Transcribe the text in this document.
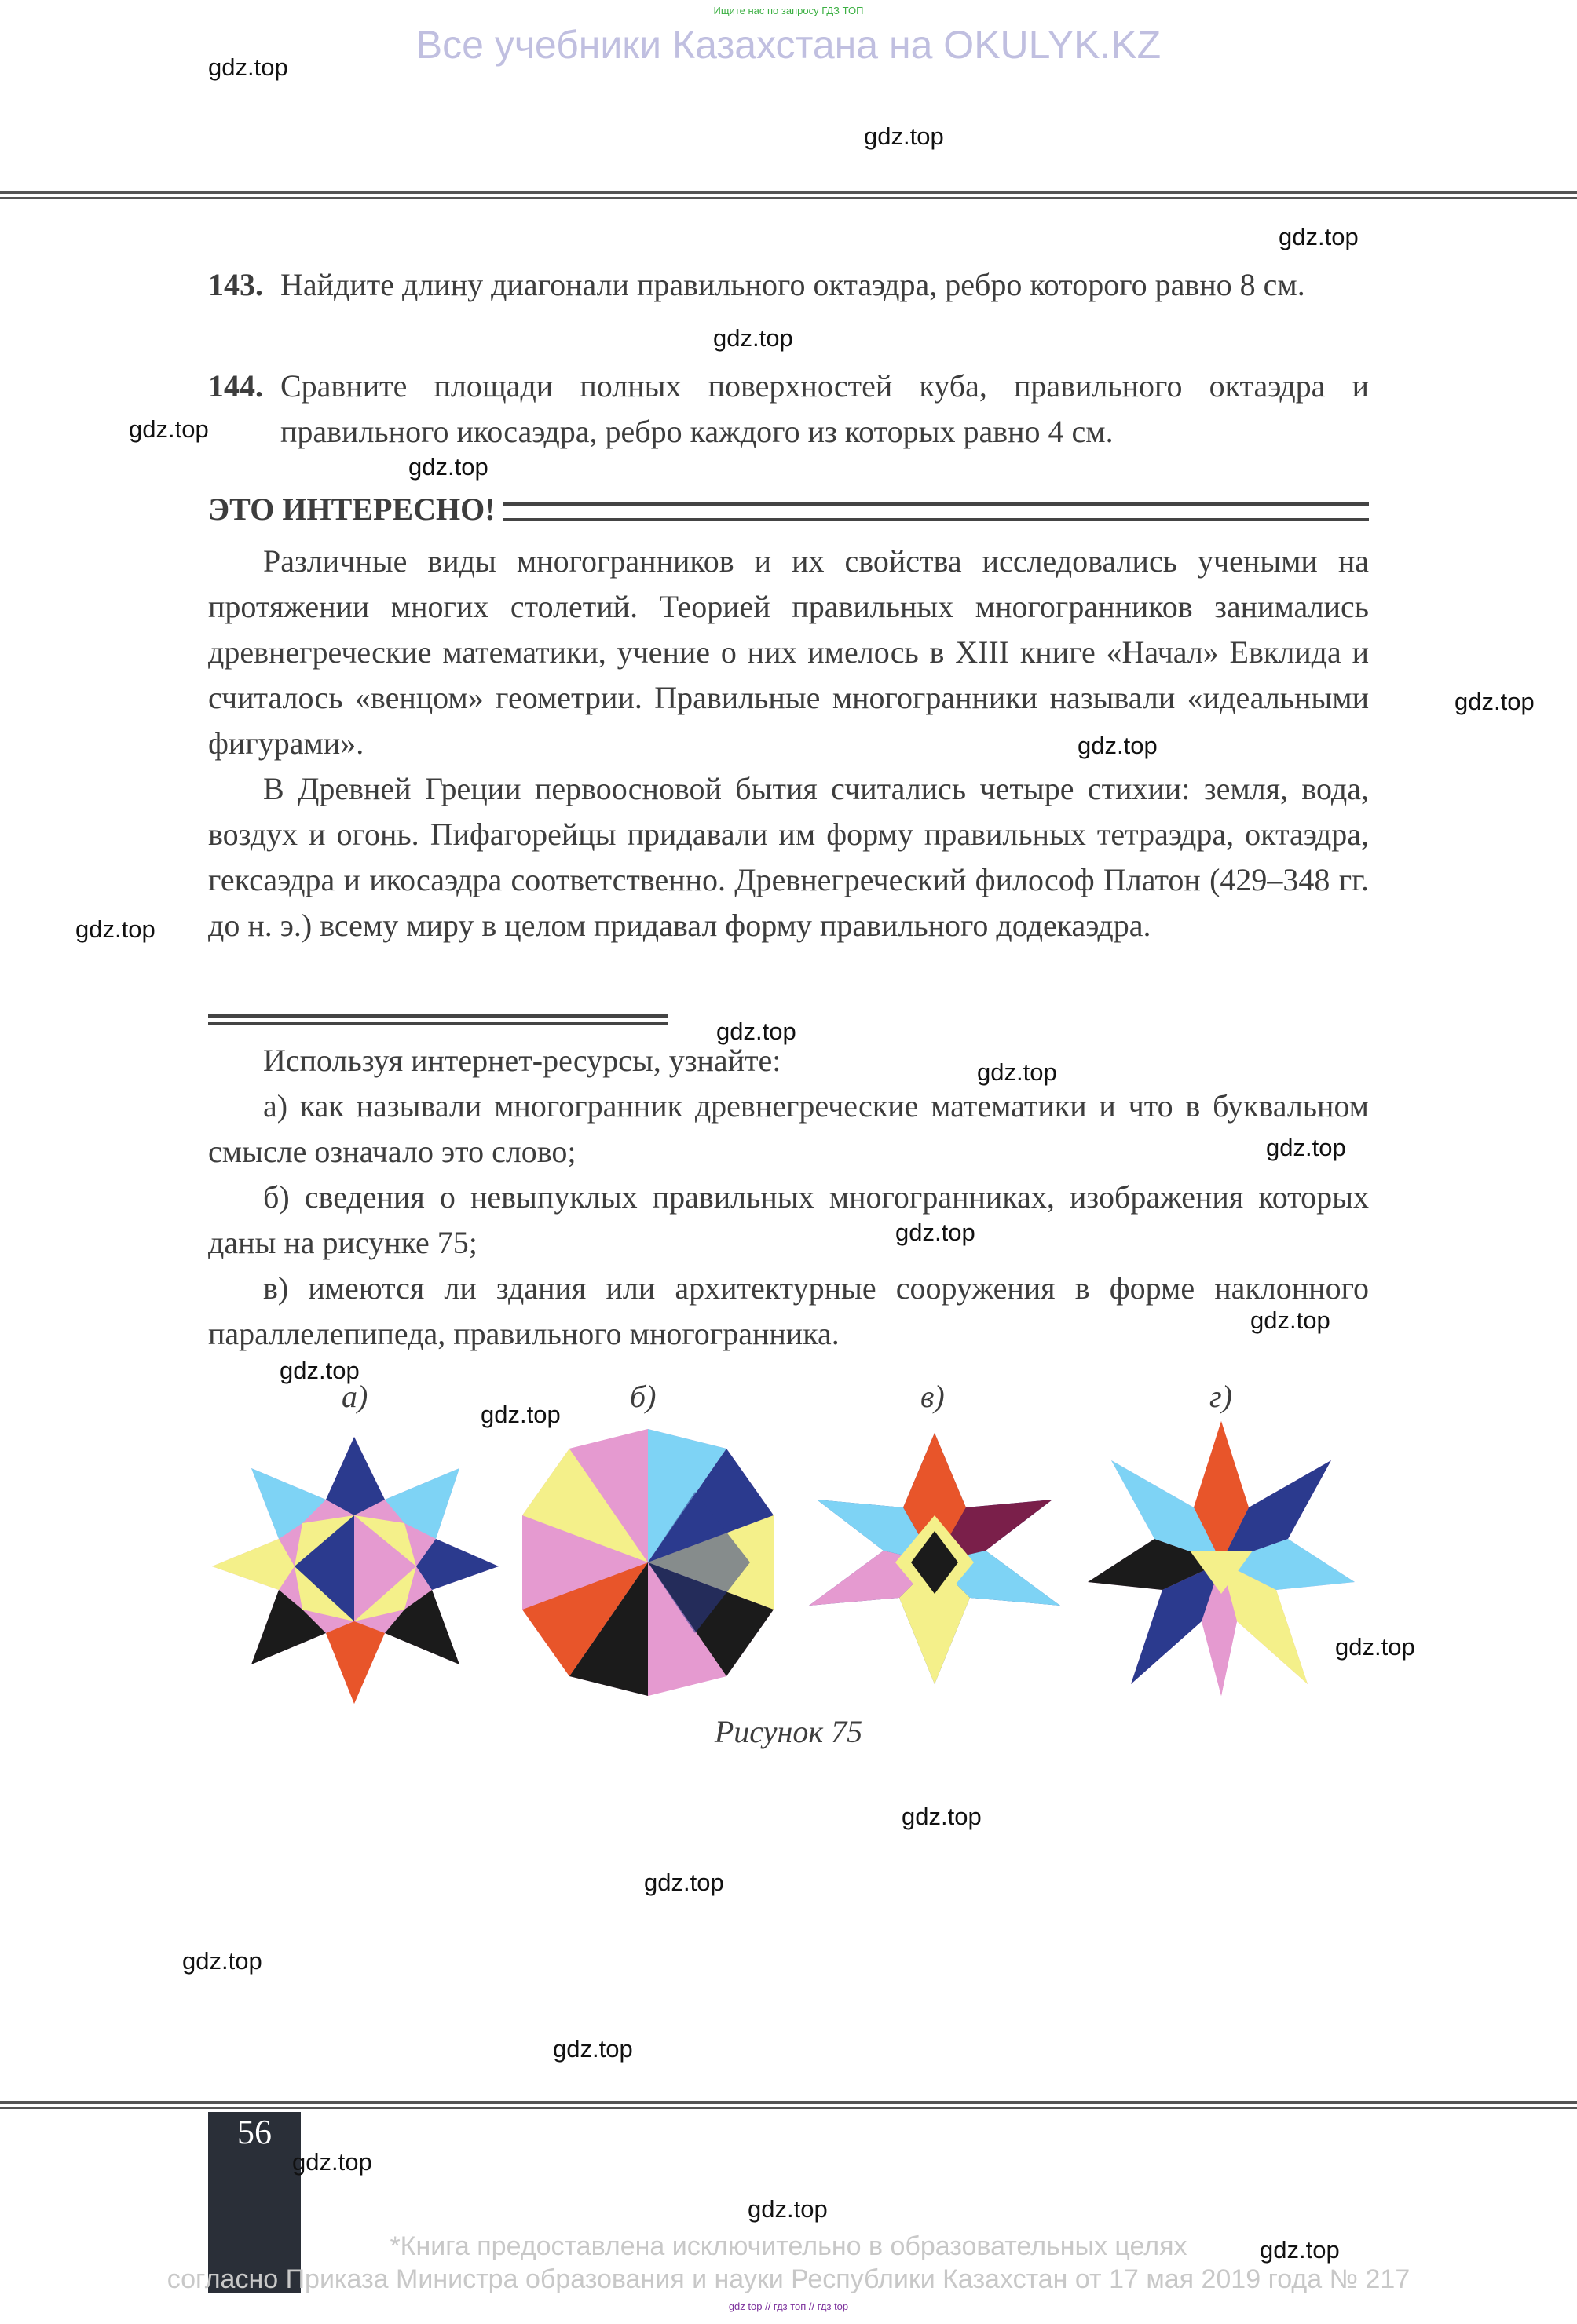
Ищите нас по запросу ГДЗ ТОП
Все учебники Казахстана на OKULYK.KZ
143. Найдите длину диагонали правильного октаэдра, ребро которого равно 8 см.
144. Сравните площади полных поверхностей куба, правильного октаэдра и правильного икосаэдра, ребро каждого из которых равно 4 см.
ЭТО ИНТЕРЕСНО!

Различные виды многогранников и их свойства исследовались учеными на протяжении многих столетий. Теорией правильных многогранников занимались древнегреческие математики, учение о них имелось в XIII книге «Начал» Евклида и считалось «венцом» геометрии. Правильные многогранники называли «идеальными фигурами».

В Древней Греции первоосновой бытия считались четыре стихии: земля, вода, воздух и огонь. Пифагорейцы придавали им форму правильных тетраэдра, октаэдра, гексаэдра и икосаэдра соответственно. Древнегреческий философ Платон (429–348 гг. до н. э.) всему миру в целом придавал форму правильного додекаэдра.

Используя интернет-ресурсы, узнайте:

а) как называли многогранник древнегреческие математики и что в буквальном смысле означало это слово;

б) сведения о невыпуклых правильных многогранниках, изображения которых даны на рисунке 75;

в) имеются ли здания или архитектурные сооружения в форме наклонного параллелепипеда, правильного многогранника.

а)	б)	в)	г)
Рисунок 75
56
*Книга предоставлена исключительно в образовательных целях
согласно Приказа Министра образования и науки Республики Казахстан от 17 мая 2019 года № 217
gdz top // гдз топ // гдз top
gdz.top
gdz.top
gdz.top
gdz.top
gdz.top
gdz.top
gdz.top
gdz.top
gdz.top
gdz.top
gdz.top
gdz.top
gdz.top
gdz.top
gdz.top
gdz.top
gdz.top
gdz.top
gdz.top
gdz.top
gdz.top
gdz.top
gdz.top
gdz.top
